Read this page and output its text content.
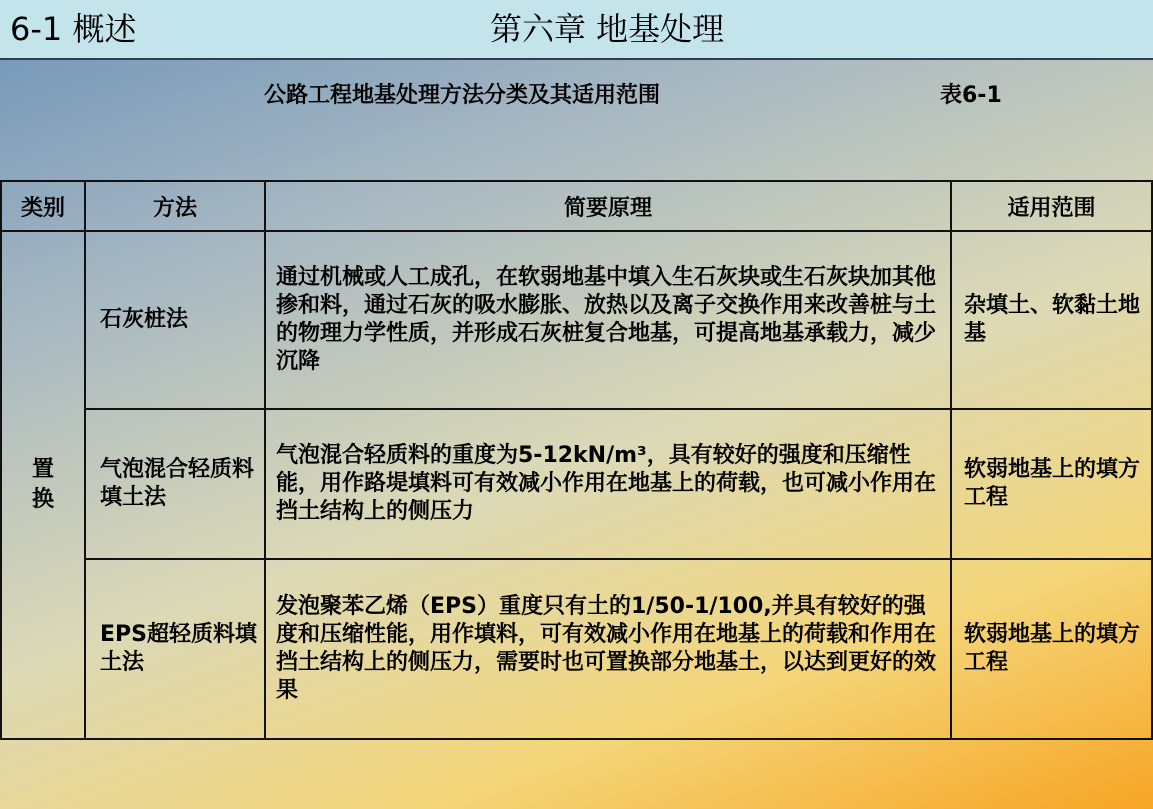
6-1 概述	第六章 地基处理
公路工程地基处理方法分类及其适用范围	表6-1
类别	方法	简要原理	适用范围
置换	石灰桩法	通过机械或人工成孔，在软弱地基中填入生石灰块或生石灰块加其他掺和料，通过石灰的吸水膨胀、放热以及离子交换作用来改善桩与土的物理力学性质，并形成石灰桩复合地基，可提高地基承载力，减少沉降	杂填土、软黏土地基
	气泡混合轻质料填土法	气泡混合轻质料的重度为5-12kN/m³，具有较好的强度和压缩性能，用作路堤填料可有效减小作用在地基上的荷载，也可减小作用在挡土结构上的侧压力	软弱地基上的填方工程
	EPS超轻质料填土法	发泡聚苯乙烯（EPS）重度只有土的1/50-1/100,并具有较好的强度和压缩性能，用作填料，可有效减小作用在地基上的荷载和作用在挡土结构上的侧压力，需要时也可置换部分地基土，以达到更好的效果	软弱地基上的填方工程
